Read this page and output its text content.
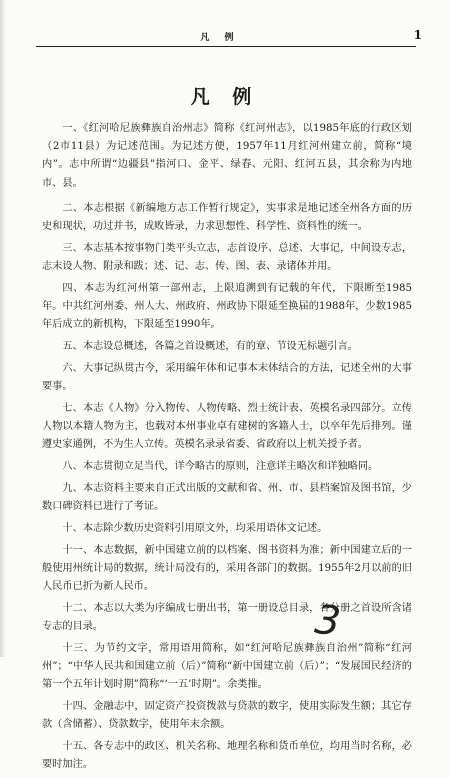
凡 例	1
凡 例

一、《红河哈尼族彝族自治州志》简称《红河州志》，以1985年底的行政区划（2市11县）为记述范围。为记述方便，1957年11月红河州建立前，简称“境内”。志中所谓“边疆县”指河口、金平、绿春、元阳、红河五县，其余称为内地市、县。

二、本志根据《新编地方志工作暂行规定》，实事求是地记述全州各方面的历史和现状，功过并书，成败皆录，力求思想性、科学性、资料性的统一。

三、本志基本按事物门类平头立志，志首设序、总述、大事记，中间设专志，志末设人物、附录和跋；述、记、志、传、图、表、录诸体并用。

四、本志为红河州第一部州志，上限追溯到有记载的年代，下限断至1985年。中共红河州委、州人大、州政府、州政协下限延至换届的1988年，少数1985年后成立的新机构，下限延至1990年。

五、本志设总概述，各篇之首设概述，有的章、节设无标题引言。

六、大事记纵贯古今，采用编年体和记事本末体结合的方法，记述全州的大事要事。

七、本志《人物》分入物传、人物传略、烈士统计表、英模名录四部分。立传人物以本籍人物为主，也载对本州事业卓有建树的客籍人士，以卒年先后排列。谨遵史家通例，不为生人立传。英模名录录省委、省政府以上机关授予者。

八、本志贯彻立足当代，详今略古的原则，注意详主略次和详独略同。

九、本志资料主要来自正式出版的文献和省、州、市、县档案馆及图书馆，少数口碑资料已进行了考证。

十、本志除少数历史资料引用原文外，均采用语体文记述。

十一、本志数据，新中国建立前的以档案、图书资料为准；新中国建立后的一般使用州统计局的数据，统计局没有的，采用各部门的数据。1955年2月以前的旧人民币已折为新人民币。

十二、本志以大类为序编成七册出书，第一册设总目录，各分册之首设所含诸专志的目录。

十三、为节约文字，常用语用简称，如“红河哈尼族彝族自治州”简称“红河州”；“中华人民共和国建立前（后）”简称“新中国建立前（后）”；“发展国民经济的第一个五年计划时期”简称“‘一五’时期”。余类推。

十四、金融志中，固定资产投资拨款与贷款的数字，使用实际发生额；其它存款（含储蓄）、贷款数字，使用年末余额。

十五、各专志中的政区、机关名称、地理名称和货币单位，均用当时名称，必要时加注。

3
